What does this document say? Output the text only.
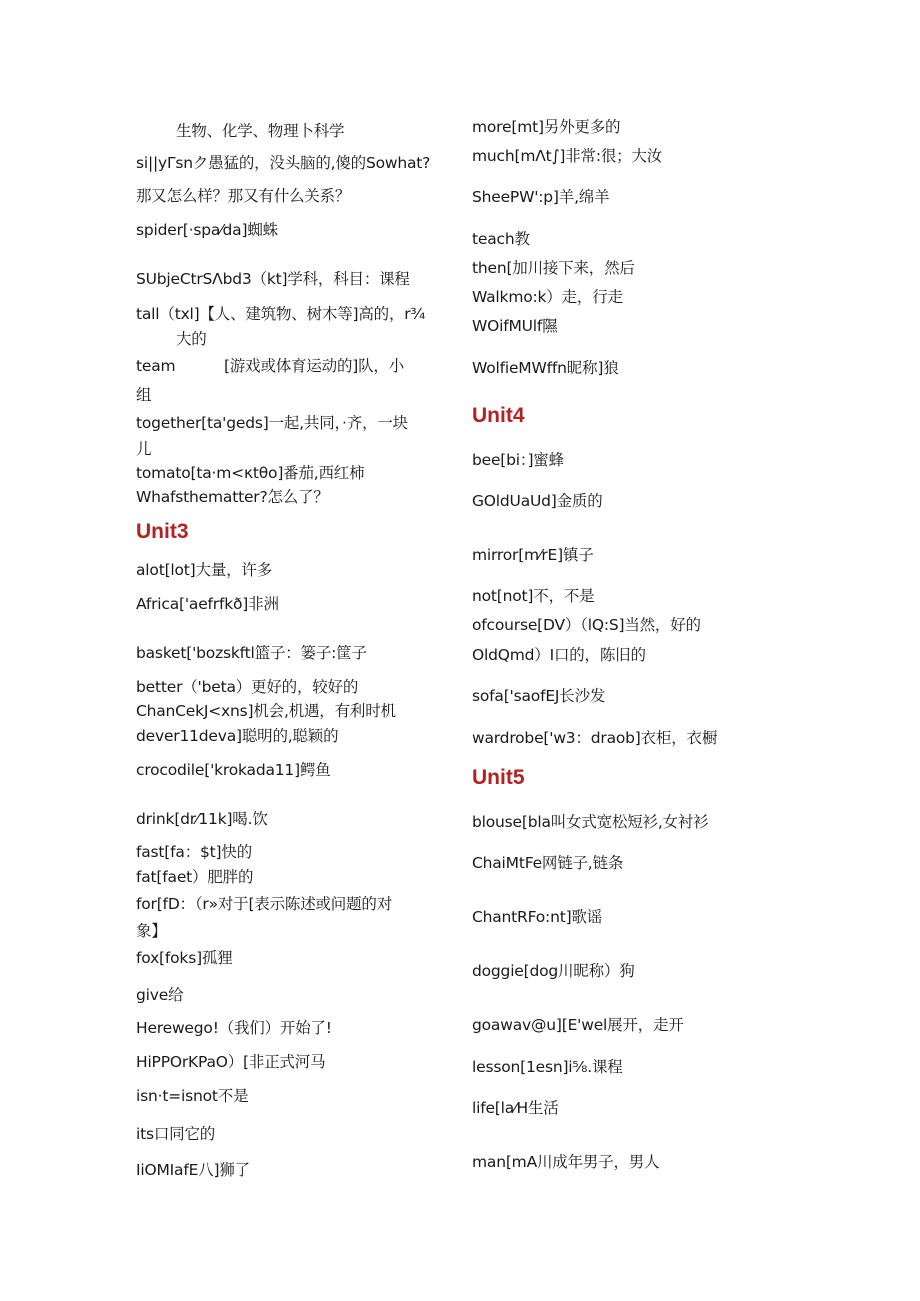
生物、化学、物理卜科学
si||yΓsnク愚猛的，没头脑的,傻的Sowhat?
那又怎么样？那又有什么关系？
spider[·spa⁄da]蜘蛛
SUbjeCtrSΛbd3（kt]学科，科目：课程
tall（txl]【人、建筑物、树木等]高的，r¾
大的
team	[游戏或体育运动的]队，小
组
together[ta'geds]一起,共同，·齐，一块
儿
tomato[ta·m<κtθo]番茄,西红柿
Whafsthematter?怎么了？
Unit3
alot[lot]大量，许多
Africa['aefrfkð]非洲
basket['bozskftl篮子：篓子:筐子
better（'beta）更好的，较好的
ChanCekJ<xns]机会,机遇，有利时机
dever11deva]聪明的,聪颖的
crocodile['krokada11]鳄鱼
drink[dr⁄11k]喝.饮
fast[fa：$t]快的
fat[faet）肥胖的
for[fD：（r»对于[表示陈述或问题的对
象】
fox[foks]孤狸
give给
Herewego!（我们）开始了!
HiPPOrKPaO）[非正式河马
isn·t=isnot不是
its口同它的
IiOMIafE八]狮了
more[mt]另外更多的
much[mΛt∫]非常:很；大汝
SheePW':p]羊,绵羊
teach教
then[加川接下来，然后
Walkmo:k）走，行走
WOifMUlf隰
WolfieMWffn昵称]狼
Unit4
bee[bi：]蜜蜂
GOldUaUd]金质的
mirror[m⁄rE]镇子
not[not]不，不是
ofcourse[DV）（lQ:S]当然，好的
OldQmd）I口的，陈旧的
sofa['saofEJ长沙发
wardrobe['w3：draob]衣柜，衣橱
Unit5
blouse[bla叫女式宽松短衫,女衬衫
ChaiMtFe网链子,链条
ChantRFo:nt]歌谣
doggie[dog川昵称）狗
goawav@u][E'wel展开，走开
lesson[1esn]i⅝.课程
life[la⁄H生活
man[mA川成年男子，男人
